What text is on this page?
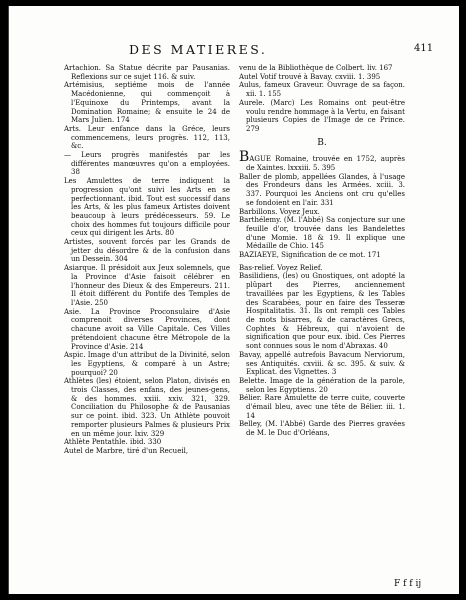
DES MATIERES.	411

Artachion. Sa Statue décrite par Pausanias. Reflexions sur ce sujet 116. & suiv.

Artémisius, septiéme mois de l'année Macédonienne, qui commençoit à l'Equinoxe du Printemps, avant la Domination Romaine; & ensuite le 24 de Mars Julien. 174

Arts. Leur enfance dans la Gréce, leurs commencemens, leurs progrès. 112, 113, &c.

— Leurs progrès manifestés par les différentes manœuvres qu'on a employées. 38

Les Amulettes de terre indiquent la progression qu'ont suivi les Arts en se perfectionnant. ibid. Tout est successif dans les Arts, & les plus fameux Artistes doivent beaucoup à leurs prédécesseurs. 59. Le choix des hommes fut toujours difficile pour ceux qui dirigent les Arts. 80

Artistes, souvent forcés par les Grands de jetter du désordre & de la confusion dans un Dessein. 304

Asiarque. Il présidoit aux Jeux solemnels, que la Province d'Asie faisoit célébrer en l'honneur des Dieux & des Empereurs. 211. Il étoit différent du Pontife des Temples de l'Asie. 250

Asie. La Province Proconsulaire d'Asie comprenoit diverses Provinces, dont chacune avoit sa Ville Capitale. Ces Villes prétendoient chacune être Métropole de la Province d'Asie. 214

Aspic. Image d'un attribut de la Divinité, selon les Egyptiens, & comparé à un Astre; pourquoi? 20

Athlètes (les) étoient, selon Platon, divisés en trois Classes, des enfans, des jeunes-gens, & des hommes. xxiii. xxiv. 321, 329. Conciliation du Philosophe & de Pausanias sur ce point. ibid. 323. Un Athlète pouvoit remporter plusieurs Palmes & plusieurs Prix en un même jour. lxiv. 329

Athlète Pentathle. ibid. 330

Autel de Marbre, tiré d'un Recueil,

venu de la Bibliothèque de Colbert. liv. 167

Autel Votif trouvé à Bavay. cxviii. 1. 395

Aulus, fameux Graveur. Ouvrage de sa façon. xii. 1. 155

Aurele. (Marc) Les Romains ont peut-être voulu rendre hommage à la Vertu, en faisant plusieurs Copies de l'Image de ce Prince. 279

B.

BAGUE Romaine, trouvée en 1752, auprès de Xaintes. lxxxiii. 5. 395

Baller de plomb, appellées Glandes, à l'usage des Frondeurs dans les Armées. xciii. 3. 337. Pourquoi les Anciens ont cru qu'elles se fondoient en l'air. 331

Barbillons. Voyez Jeux.

Barthélemy. (M. l'Abbé) Sa conjecture sur une feuille d'or, trouvée dans les Bandelettes d'une Momie. 18 & 19. Il explique une Médaille de Chio. 145

BAZIAEYE, Signification de ce mot. 171

Bas-relief. Voyez Relief.

Basilidiens, (les) ou Gnostiques, ont adopté la plûpart des Pierres, anciennement travaillées par les Egyptiens, & les Tables des Scarabées, pour en faire des Tesseræ Hospitalitatis. 31. Ils ont rempli ces Tables de mots bisarres, & de caractères Grecs, Cophtes & Hébreux, qui n'avoient de signification que pour eux. ibid. Ces Pierres sont connues sous le nom d'Abraxas. 40

Bavay, appellé autrefois Bavacum Nerviorum, ses Antiquités. cxviii. & sc. 395. & suiv. & Explicat. des Vignettes. 3

Belette. Image de la génération de la parole, selon les Egyptiens. 20

Bélier. Rare Amulette de terre cuite, couverte d'émail bleu, avec une tête de Bélier. iii. 1. 14

Belley, (M. l'Abbé) Garde des Pierres gravées de M. le Duc d'Orléans,

F f f ij
